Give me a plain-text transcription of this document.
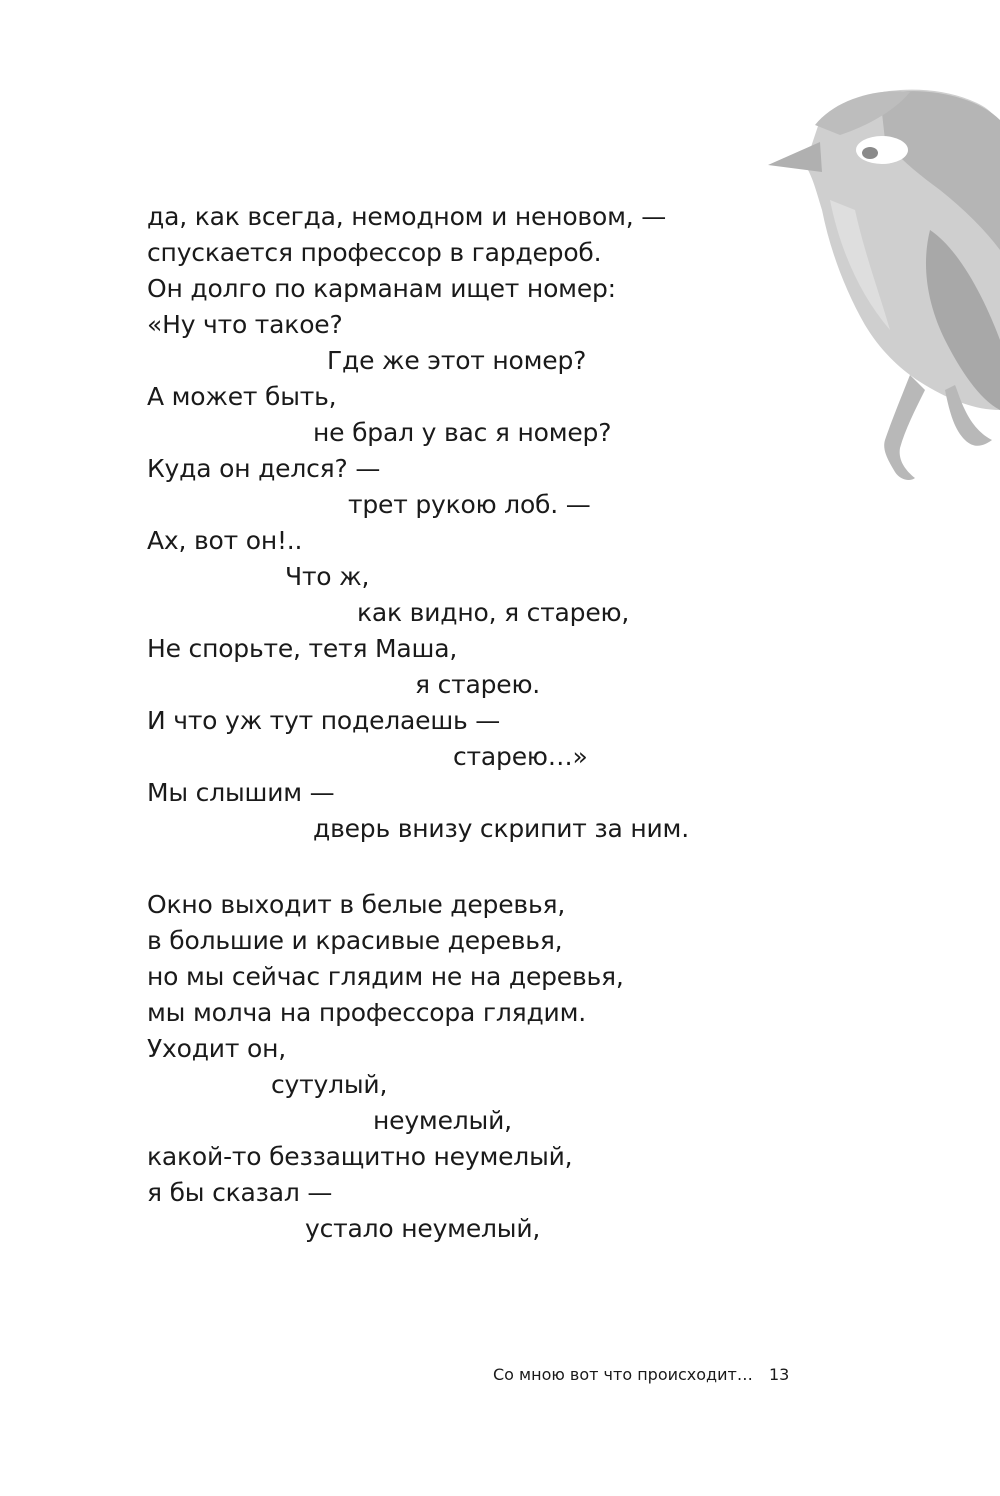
да, как всегда, немодном и неновом, —
спускается профессор в гардероб.
Он долго по карманам ищет номер:
«Ну что такое?
Где же этот номер?
А может быть,
не брал у вас я номер?
Куда он делся? —
трет рукою лоб. —
Ах, вот он!..
Что ж,
как видно, я старею,
Не спорьте, тетя Маша,
я старею.
И что уж тут поделаешь —
старею…»
Мы слышим —
дверь внизу скрипит за ним.
Окно выходит в белые деревья,
в большие и красивые деревья,
но мы сейчас глядим не на деревья,
мы молча на профессора глядим.
Уходит он,
сутулый,
неумелый,
какой-то беззащитно неумелый,
я бы сказал —
устало неумелый,
Со мною вот что происходит… 13
